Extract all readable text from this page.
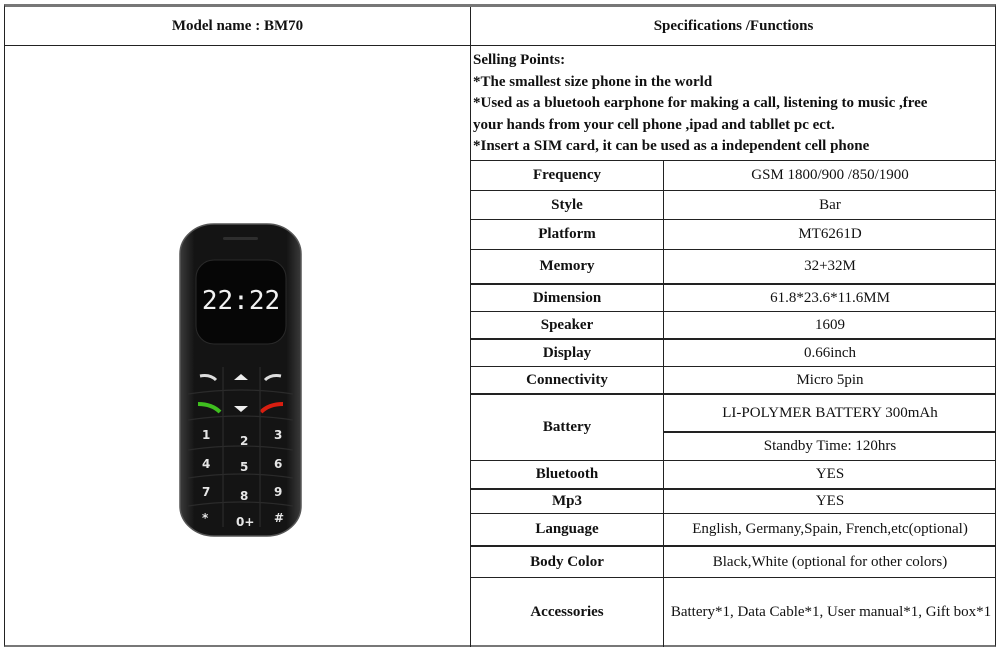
Model name : BM70	Specifications /Functions
Selling Points:
*The smallest size phone in the world
*Used as a bluetooh earphone for making a call, listening to music ,free
your hands from your cell phone ,ipad and tabllet pc ect.
*Insert a SIM card, it can be used as a independent cell phone
Frequency
Style
Platform
Memory
Dimension
Speaker
Display
Connectivity
Battery
Bluetooth
Mp3
Language
Body Color
Accessories
GSM 1800/900 /850/1900
Bar
MT6261D
32+32M
61.8*23.6*11.6MM
1609
0.66inch
Micro 5pin
LI-POLYMER BATTERY 300mAh
Standby Time: 120hrs
YES
YES
English, Germany,Spain, French,etc(optional)
Black,White (optional for other colors)
Battery*1, Data Cable*1, User manual*1, Gift box*1
22:22
1 2 3
4 5 6
7 8 9
* 0+ #
